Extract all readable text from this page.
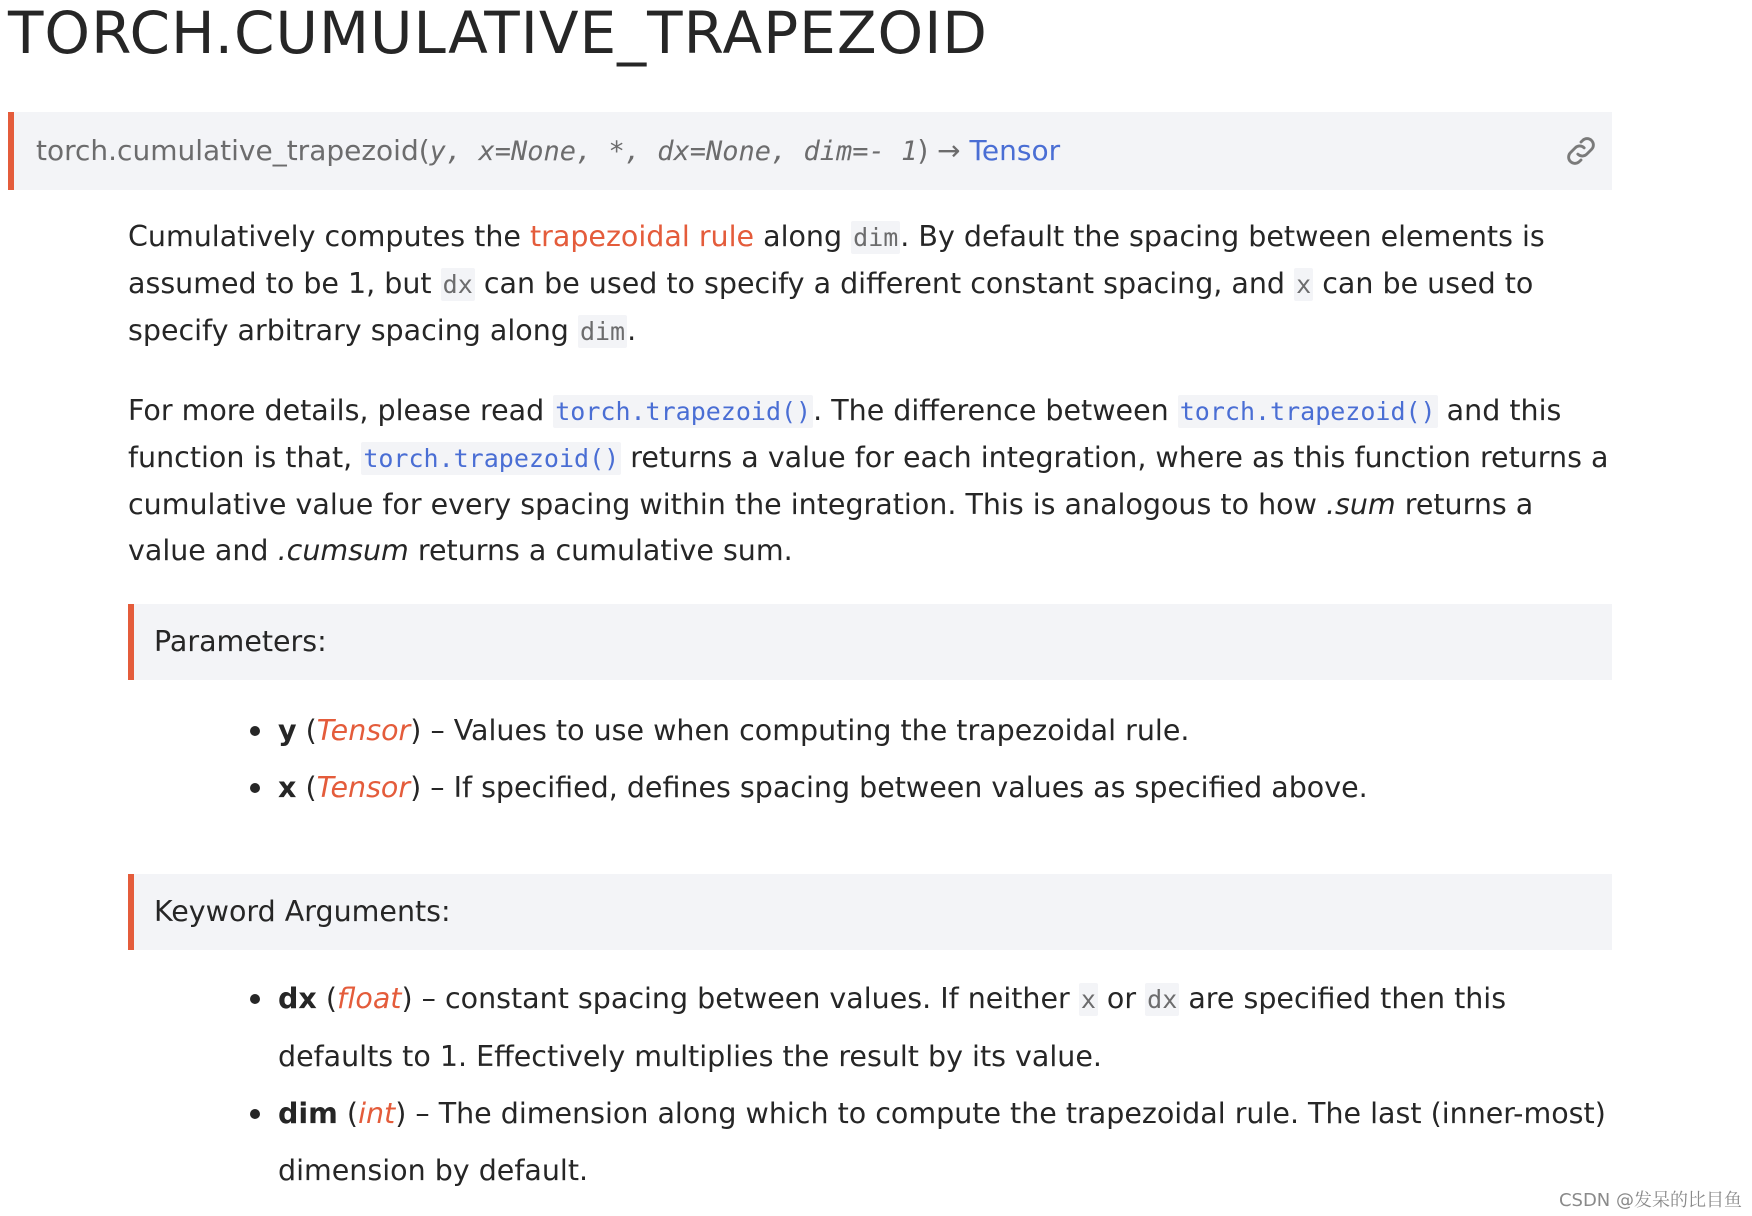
TORCH.CUMULATIVE_TRAPEZOID
torch.cumulative_trapezoid(y, x=None, *, dx=None, dim=- 1) → Tensor

Cumulatively computes the trapezoidal rule along dim. By default the spacing between elements is assumed to be 1, but dx can be used to specify a different constant spacing, and x can be used to specify arbitrary spacing along dim.

For more details, please read torch.trapezoid(). The difference between torch.trapezoid() and this function is that, torch.trapezoid() returns a value for each integration, where as this function returns a cumulative value for every spacing within the integration. This is analogous to how .sum returns a value and .cumsum returns a cumulative sum.

Parameters:
y (Tensor) – Values to use when computing the trapezoidal rule.
x (Tensor) – If specified, defines spacing between values as specified above.
Keyword Arguments:
dx (float) – constant spacing between values. If neither x or dx are specified then this defaults to 1. Effectively multiplies the result by its value.
dim (int) – The dimension along which to compute the trapezoidal rule. The last (inner-most) dimension by default.
CSDN @发呆的比目鱼
